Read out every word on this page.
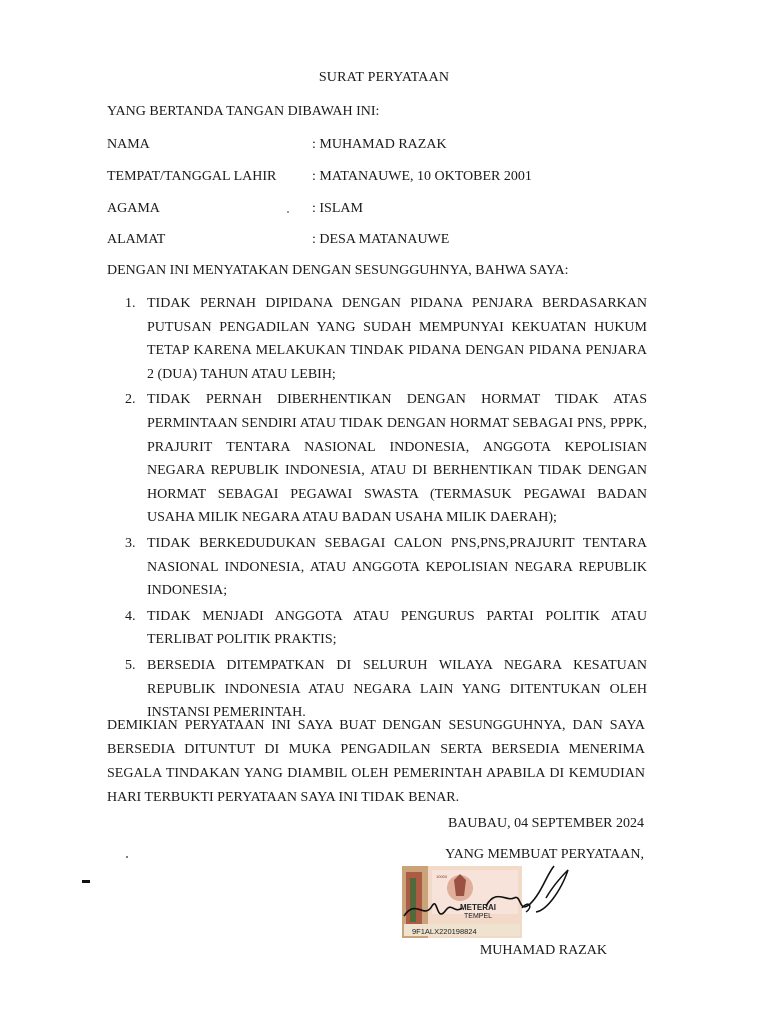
SURAT PERYATAAN
YANG BERTANDA TANGAN DIBAWAH INI:
NAMA	: MUHAMAD RAZAK
TEMPAT/TANGGAL LAHIR	: MATANAUWE, 10 OKTOBER 2001
AGAMA	: ISLAM
ALAMAT	: DESA MATANAUWE
DENGAN INI MENYATAKAN DENGAN SESUNGGUHNYA, BAHWA SAYA:
1. TIDAK PERNAH DIPIDANA DENGAN PIDANA PENJARA BERDASARKAN PUTUSAN PENGADILAN YANG SUDAH MEMPUNYAI KEKUATAN HUKUM TETAP KARENA MELAKUKAN TINDAK PIDANA DENGAN PIDANA PENJARA 2 (DUA) TAHUN ATAU LEBIH;
2. TIDAK PERNAH DIBERHENTIKAN DENGAN HORMAT TIDAK ATAS PERMINTAAN SENDIRI ATAU TIDAK DENGAN HORMAT SEBAGAI PNS, PPPK, PRAJURIT TENTARA NASIONAL INDONESIA, ANGGOTA KEPOLISIAN NEGARA REPUBLIK INDONESIA, ATAU DI BERHENTIKAN TIDAK DENGAN HORMAT SEBAGAI PEGAWAI SWASTA (TERMASUK PEGAWAI BADAN USAHA MILIK NEGARA ATAU BADAN USAHA MILIK DAERAH);
3. TIDAK BERKEDUDUKAN SEBAGAI CALON PNS,PNS,PRAJURIT TENTARA NASIONAL INDONESIA, ATAU ANGGOTA KEPOLISIAN NEGARA REPUBLIK INDONESIA;
4. TIDAK MENJADI ANGGOTA ATAU PENGURUS PARTAI POLITIK ATAU TERLIBAT POLITIK PRAKTIS;
5. BERSEDIA DITEMPATKAN DI SELURUH WILAYA NEGARA KESATUAN REPUBLIK INDONESIA ATAU NEGARA LAIN YANG DITENTUKAN OLEH INSTANSI PEMERINTAH.
DEMIKIAN PERYATAAN INI SAYA BUAT DENGAN SESUNGGUHNYA, DAN SAYA BERSEDIA DITUNTUT DI MUKA PENGADILAN SERTA BERSEDIA MENERIMA SEGALA TINDAKAN YANG DIAMBIL OLEH PEMERINTAH APABILA DI KEMUDIAN HARI TERBUKTI PERYATAAN SAYA INI TIDAK BENAR.
BAUBAU, 04 SEPTEMBER 2024
YANG MEMBUAT PERYATAAN,
METERAI
TEMPEL
9F1ALX220198824
10000
MUHAMAD RAZAK
